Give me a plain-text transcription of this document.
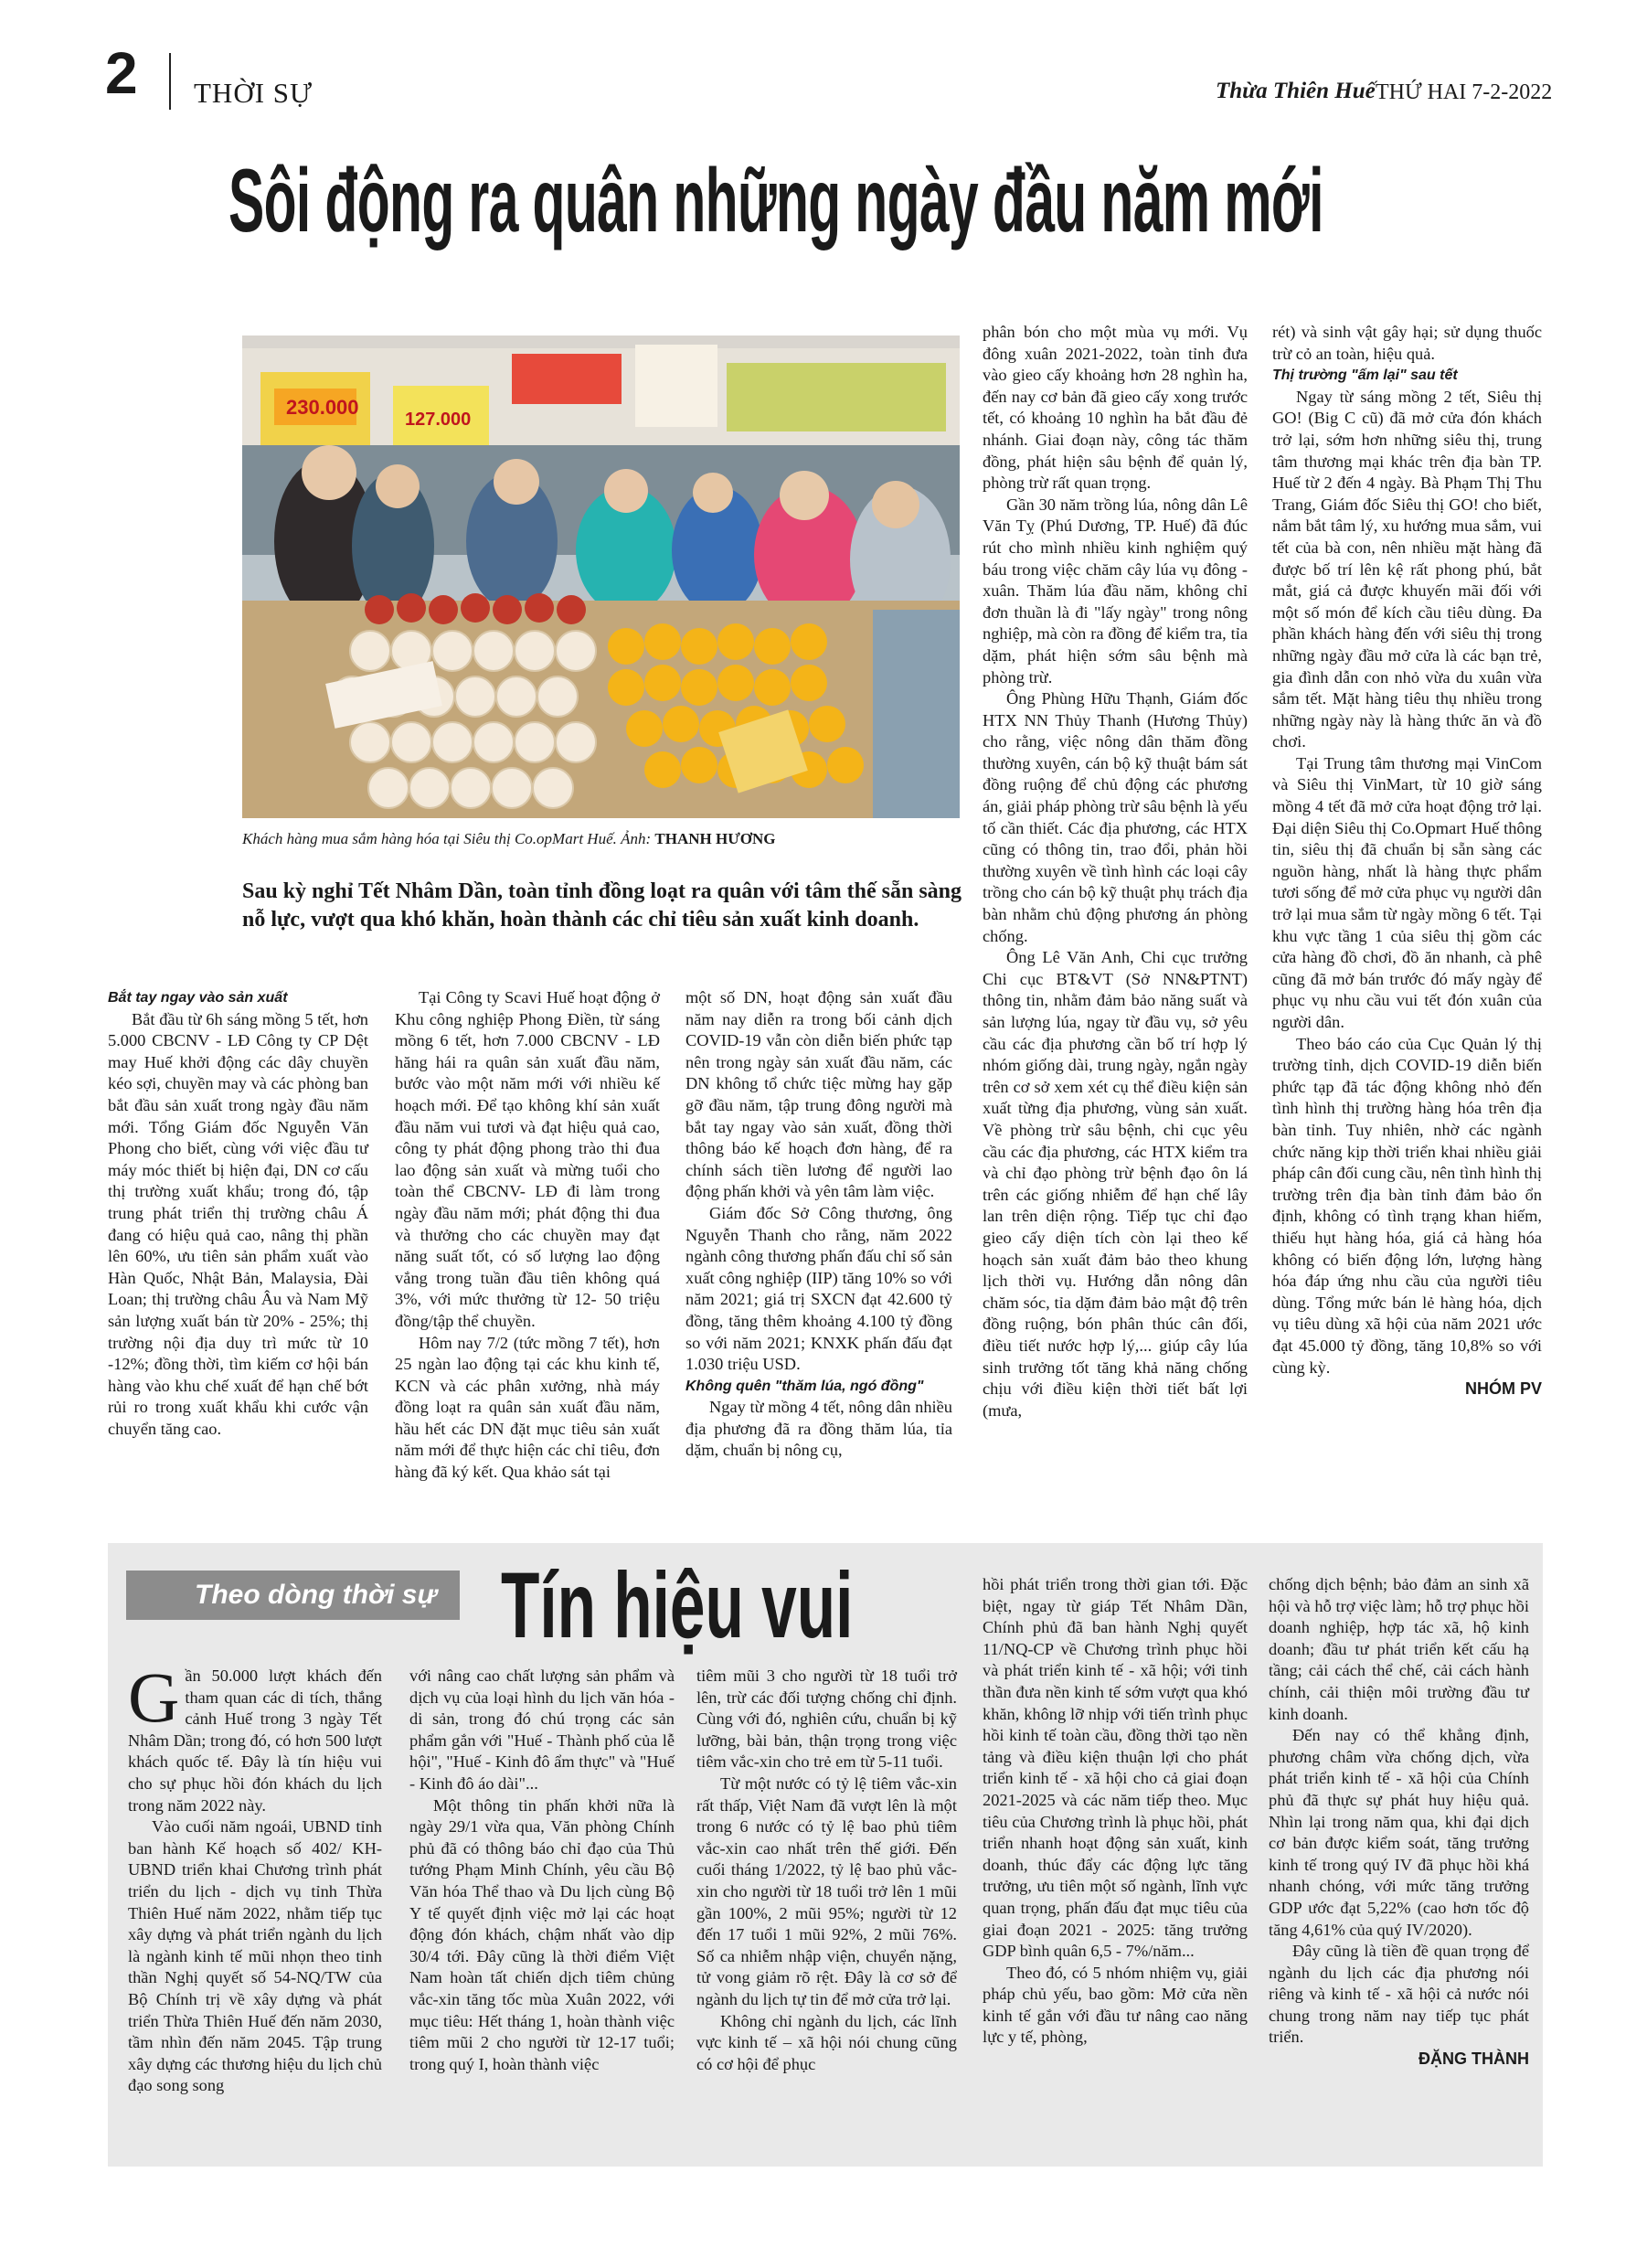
2 THỜI SỰ	Thừa Thiên Huế THỨ HAI 7-2-2022
Sôi động ra quân những ngày đầu năm mới
230.000
127.000
Khách hàng mua sắm hàng hóa tại Siêu thị Co.opMart Huế. Ảnh: THANH HƯƠNG
Sau kỳ nghỉ Tết Nhâm Dần, toàn tỉnh đồng loạt ra quân với tâm thế sẵn sàng nỗ lực, vượt qua khó khăn, hoàn thành các chỉ tiêu sản xuất kinh doanh.

Bắt tay ngay vào sản xuất

Bắt đầu từ 6h sáng mồng 5 tết, hơn 5.000 CBCNV - LĐ Công ty CP Dệt may Huế khởi động các dây chuyền kéo sợi, chuyền may và các phòng ban bắt đầu sản xuất trong ngày đầu năm mới. Tổng Giám đốc Nguyễn Văn Phong cho biết, cùng với việc đầu tư máy móc thiết bị hiện đại, DN cơ cấu thị trường xuất khẩu; trong đó, tập trung phát triển thị trường châu Á đang có hiệu quả cao, nâng thị phần lên 60%, ưu tiên sản phẩm xuất vào Hàn Quốc, Nhật Bản, Malaysia, Đài Loan; thị trường châu Âu và Nam Mỹ sản lượng xuất bán từ 20% - 25%; thị trường nội địa duy trì mức từ 10 -12%; đồng thời, tìm kiếm cơ hội bán hàng vào khu chế xuất để hạn chế bớt rủi ro trong xuất khẩu khi cước vận chuyển tăng cao.

Tại Công ty Scavi Huế hoạt động ở Khu công nghiệp Phong Điền, từ sáng mồng 6 tết, hơn 7.000 CBCNV - LĐ hăng hái ra quân sản xuất đầu năm, bước vào một năm mới với nhiều kế hoạch mới. Để tạo không khí sản xuất đầu năm vui tươi và đạt hiệu quả cao, công ty phát động phong trào thi đua lao động sản xuất và mừng tuổi cho toàn thể CBCNV- LĐ đi làm trong ngày đầu năm mới; phát động thi đua và thưởng cho các chuyền may đạt năng suất tốt, có số lượng lao động vắng trong tuần đầu tiên không quá 3%, với mức thưởng từ 12- 50 triệu đồng/tập thể chuyền.

Hôm nay 7/2 (tức mồng 7 tết), hơn 25 ngàn lao động tại các khu kinh tế, KCN và các phân xưởng, nhà máy đồng loạt ra quân sản xuất đầu năm, hầu hết các DN đặt mục tiêu sản xuất năm mới để thực hiện các chỉ tiêu, đơn hàng đã ký kết. Qua khảo sát tại

một số DN, hoạt động sản xuất đầu năm nay diễn ra trong bối cảnh dịch COVID-19 vẫn còn diễn biến phức tạp nên trong ngày sản xuất đầu năm, các DN không tổ chức tiệc mừng hay gặp gỡ đầu năm, tập trung đông người mà bắt tay ngay vào sản xuất, đồng thời thông báo kế hoạch đơn hàng, để ra chính sách tiền lương để người lao động phấn khởi và yên tâm làm việc.

Giám đốc Sở Công thương, ông Nguyễn Thanh cho rằng, năm 2022 ngành công thương phấn đấu chỉ số sản xuất công nghiệp (IIP) tăng 10% so với năm 2021; giá trị SXCN đạt 42.600 tỷ đồng, tăng thêm khoảng 4.100 tỷ đồng so với năm 2021; KNXK phấn đấu đạt 1.030 triệu USD.

Không quên "thăm lúa, ngó đồng"

Ngay từ mồng 4 tết, nông dân nhiều địa phương đã ra đồng thăm lúa, tỉa dặm, chuẩn bị nông cụ,

phân bón cho một mùa vụ mới. Vụ đông xuân 2021-2022, toàn tỉnh đưa vào gieo cấy khoảng hơn 28 nghìn ha, đến nay cơ bản đã gieo cấy xong trước tết, có khoảng 10 nghìn ha bắt đầu đẻ nhánh. Giai đoạn này, công tác thăm đồng, phát hiện sâu bệnh để quản lý, phòng trừ rất quan trọng.

Gần 30 năm trồng lúa, nông dân Lê Văn Tỵ (Phú Dương, TP. Huế) đã đúc rút cho mình nhiều kinh nghiệm quý báu trong việc chăm cây lúa vụ đông - xuân. Thăm lúa đầu năm, không chỉ đơn thuần là đi "lấy ngày" trong nông nghiệp, mà còn ra đồng để kiểm tra, tỉa dặm, phát hiện sớm sâu bệnh mà phòng trừ.

Ông Phùng Hữu Thạnh, Giám đốc HTX NN Thủy Thanh (Hương Thủy) cho rằng, việc nông dân thăm đồng thường xuyên, cán bộ kỹ thuật bám sát đồng ruộng để chủ động các phương án, giải pháp phòng trừ sâu bệnh là yếu tố cần thiết. Các địa phương, các HTX cũng có thông tin, trao đổi, phản hồi thường xuyên về tình hình các loại cây trồng cho cán bộ kỹ thuật phụ trách địa bàn nhằm chủ động phương án phòng chống.

Ông Lê Văn Anh, Chi cục trưởng Chi cục BT&VT (Sở NN&PTNT) thông tin, nhằm đảm bảo năng suất và sản lượng lúa, ngay từ đầu vụ, sở yêu cầu các địa phương cần bố trí hợp lý nhóm giống dài, trung ngày, ngắn ngày trên cơ sở xem xét cụ thể điều kiện sản xuất từng địa phương, vùng sản xuất. Về phòng trừ sâu bệnh, chi cục yêu cầu các địa phương, các HTX kiểm tra và chỉ đạo phòng trừ bệnh đạo ôn lá trên các giống nhiễm để hạn chế lây lan trên diện rộng. Tiếp tục chỉ đạo gieo cấy diện tích còn lại theo kế hoạch sản xuất đảm bảo theo khung lịch thời vụ. Hướng dẫn nông dân chăm sóc, tỉa dặm đảm bảo mật độ trên đồng ruộng, bón phân thúc cân đối, điều tiết nước hợp lý,... giúp cây lúa sinh trưởng tốt tăng khả năng chống chịu với điều kiện thời tiết bất lợi (mưa,

rét) và sinh vật gây hại; sử dụng thuốc trừ cỏ an toàn, hiệu quả.

Thị trường "ấm lại" sau tết

Ngay từ sáng mồng 2 tết, Siêu thị GO! (Big C cũ) đã mở cửa đón khách trở lại, sớm hơn những siêu thị, trung tâm thương mại khác trên địa bàn TP. Huế từ 2 đến 4 ngày. Bà Phạm Thị Thu Trang, Giám đốc Siêu thị GO! cho biết, nắm bắt tâm lý, xu hướng mua sắm, vui tết của bà con, nên nhiều mặt hàng đã được bố trí lên kệ rất phong phú, bắt mắt, giá cả được khuyến mãi đối với một số món để kích cầu tiêu dùng. Đa phần khách hàng đến với siêu thị trong những ngày đầu mở cửa là các bạn trẻ, gia đình dẫn con nhỏ vừa du xuân vừa sắm tết. Mặt hàng tiêu thụ nhiều trong những ngày này là hàng thức ăn và đồ chơi.

Tại Trung tâm thương mại VinCom và Siêu thị VinMart, từ 10 giờ sáng mồng 4 tết đã mở cửa hoạt động trở lại. Đại diện Siêu thị Co.Opmart Huế thông tin, siêu thị đã chuẩn bị sẵn sàng các nguồn hàng, nhất là hàng thực phẩm tươi sống để mở cửa phục vụ người dân trở lại mua sắm từ ngày mồng 6 tết. Tại khu vực tầng 1 của siêu thị gồm các cửa hàng đồ chơi, đồ ăn nhanh, cà phê cũng đã mở bán trước đó mấy ngày để phục vụ nhu cầu vui tết đón xuân của người dân.

Theo báo cáo của Cục Quản lý thị trường tỉnh, dịch COVID-19 diễn biến phức tạp đã tác động không nhỏ đến tình hình thị trường hàng hóa trên địa bàn tỉnh. Tuy nhiên, nhờ các ngành chức năng kịp thời triển khai nhiều giải pháp cân đối cung cầu, nên tình hình thị trường trên địa bàn tỉnh đảm bảo ổn định, không có tình trạng khan hiếm, thiếu hụt hàng hóa, giá cả hàng hóa không có biến động lớn, lượng hàng hóa đáp ứng nhu cầu của người tiêu dùng. Tổng mức bán lẻ hàng hóa, dịch vụ tiêu dùng xã hội của năm 2021 ước đạt 45.000 tỷ đồng, tăng 10,8% so với cùng kỳ.

NHÓM PV

Theo dòng thời sự Tín hiệu vui

Gần 50.000 lượt khách đến tham quan các di tích, thắng cảnh Huế trong 3 ngày Tết Nhâm Dần; trong đó, có hơn 500 lượt khách quốc tế. Đây là tín hiệu vui cho sự phục hồi đón khách du lịch trong năm 2022 này.

Vào cuối năm ngoái, UBND tỉnh ban hành Kế hoạch số 402/ KH-UBND triển khai Chương trình phát triển du lịch - dịch vụ tỉnh Thừa Thiên Huế năm 2022, nhằm tiếp tục xây dựng và phát triển ngành du lịch là ngành kinh tế mũi nhọn theo tinh thần Nghị quyết số 54-NQ/TW của Bộ Chính trị về xây dựng và phát triển Thừa Thiên Huế đến năm 2030, tầm nhìn đến năm 2045. Tập trung xây dựng các thương hiệu du lịch chủ đạo song song

với nâng cao chất lượng sản phẩm và dịch vụ của loại hình du lịch văn hóa - di sản, trong đó chú trọng các sản phẩm gắn với "Huế - Thành phố của lễ hội", "Huế - Kinh đô ẩm thực" và "Huế - Kinh đô áo dài"...

Một thông tin phấn khởi nữa là ngày 29/1 vừa qua, Văn phòng Chính phủ đã có thông báo chỉ đạo của Thủ tướng Phạm Minh Chính, yêu cầu Bộ Văn hóa Thể thao và Du lịch cùng Bộ Y tế quyết định việc mở lại các hoạt động đón khách, chậm nhất vào dịp 30/4 tới. Đây cũng là thời điểm Việt Nam hoàn tất chiến dịch tiêm chủng vắc-xin tăng tốc mùa Xuân 2022, với mục tiêu: Hết tháng 1, hoàn thành việc tiêm mũi 2 cho người từ 12-17 tuổi; trong quý I, hoàn thành việc

tiêm mũi 3 cho người từ 18 tuổi trở lên, trừ các đối tượng chống chỉ định. Cùng với đó, nghiên cứu, chuẩn bị kỹ lưỡng, bài bản, thận trọng trong việc tiêm vắc-xin cho trẻ em từ 5-11 tuổi.

Từ một nước có tỷ lệ tiêm vắc-xin rất thấp, Việt Nam đã vượt lên là một trong 6 nước có tỷ lệ bao phủ tiêm vắc-xin cao nhất trên thế giới. Đến cuối tháng 1/2022, tỷ lệ bao phủ vắc-xin cho người từ 18 tuổi trở lên 1 mũi gần 100%, 2 mũi 95%; người từ 12 đến 17 tuổi 1 mũi 92%, 2 mũi 76%. Số ca nhiễm nhập viện, chuyển nặng, tử vong giảm rõ rệt. Đây là cơ sở để ngành du lịch tự tin để mở cửa trở lại.

Không chỉ ngành du lịch, các lĩnh vực kinh tế – xã hội nói chung cũng có cơ hội để phục

hồi phát triển trong thời gian tới. Đặc biệt, ngay từ giáp Tết Nhâm Dần, Chính phủ đã ban hành Nghị quyết 11/NQ-CP về Chương trình phục hồi và phát triển kinh tế - xã hội; với tinh thần đưa nền kinh tế sớm vượt qua khó khăn, không lỡ nhịp với tiến trình phục hồi kinh tế toàn cầu, đồng thời tạo nền tảng và điều kiện thuận lợi cho phát triển kinh tế - xã hội cho cả giai đoạn 2021-2025 và các năm tiếp theo. Mục tiêu của Chương trình là phục hồi, phát triển nhanh hoạt động sản xuất, kinh doanh, thúc đẩy các động lực tăng trưởng, ưu tiên một số ngành, lĩnh vực quan trọng, phấn đấu đạt mục tiêu của giai đoạn 2021 - 2025: tăng trưởng GDP bình quân 6,5 - 7%/năm...

Theo đó, có 5 nhóm nhiệm vụ, giải pháp chủ yếu, bao gồm: Mở cửa nền kinh tế gắn với đầu tư nâng cao năng lực y tế, phòng,

chống dịch bệnh; bảo đảm an sinh xã hội và hỗ trợ việc làm; hỗ trợ phục hồi doanh nghiệp, hợp tác xã, hộ kinh doanh; đầu tư phát triển kết cấu hạ tầng; cải cách thể chế, cải cách hành chính, cải thiện môi trường đầu tư kinh doanh.

Đến nay có thể khẳng định, phương châm vừa chống dịch, vừa phát triển kinh tế - xã hội của Chính phủ đã thực sự phát huy hiệu quả. Nhìn lại trong năm qua, khi đại dịch cơ bản được kiểm soát, tăng trưởng kinh tế trong quý IV đã phục hồi khá nhanh chóng, với mức tăng trưởng GDP ước đạt 5,22% (cao hơn tốc độ tăng 4,61% của quý IV/2020).

Đây cũng là tiền đề quan trọng để ngành du lịch các địa phương nói riêng và kinh tế - xã hội cả nước nói chung trong năm nay tiếp tục phát triển.

ĐẶNG THÀNH
